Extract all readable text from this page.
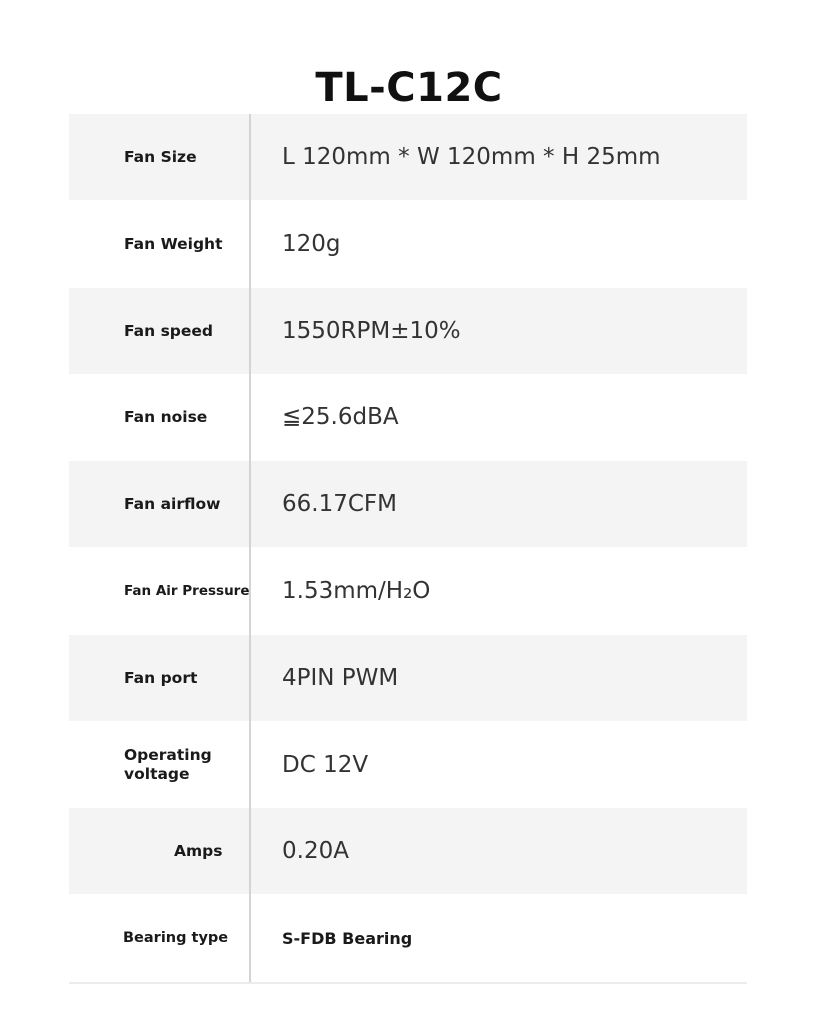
TL-C12C
Fan Size	L 120mm * W 120mm * H 25mm
Fan Weight	120g
Fan speed	1550RPM±10%
Fan noise	≦25.6dBA
Fan airflow	66.17CFM
Fan Air Pressure 1.53mm/H₂O
Fan port	4PIN PWM
Operating voltage	DC 12V
Amps	0.20A
Bearing type	S-FDB Bearing
